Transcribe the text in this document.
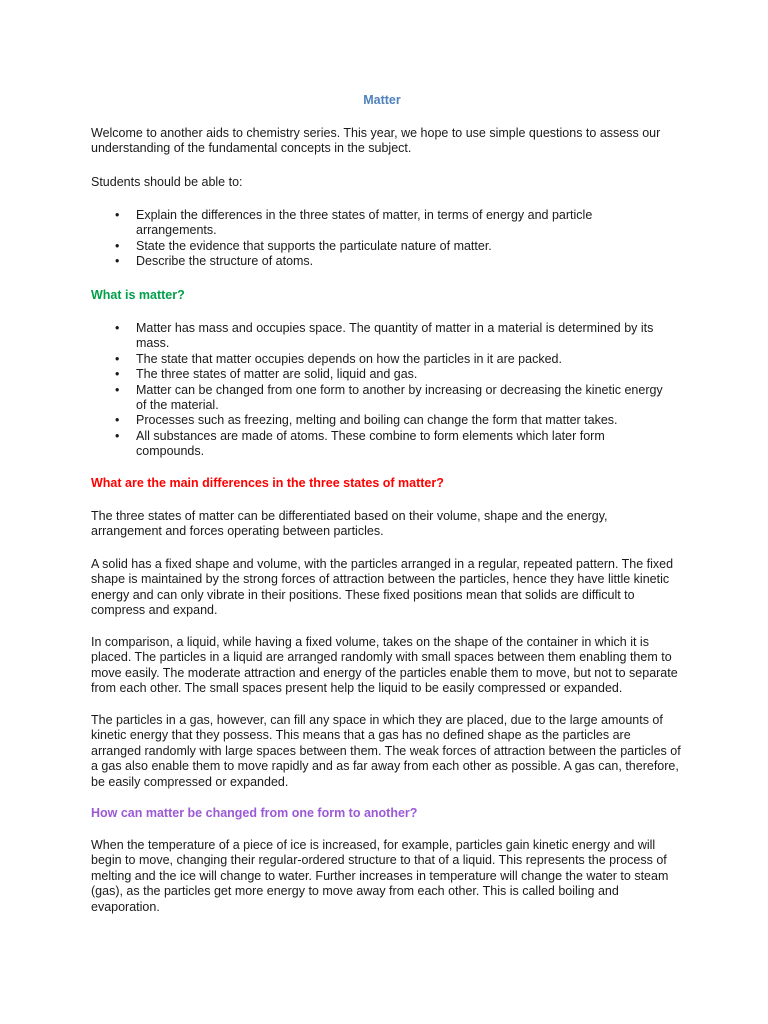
Matter

Welcome to another aids to chemistry series. This year, we hope to use simple questions to assess our understanding of the fundamental concepts in the subject.

Students should be able to:

• Explain the differences in the three states of matter, in terms of energy and particle arrangements.
• State the evidence that supports the particulate nature of matter.
• Describe the structure of atoms.

What is matter?

• Matter has mass and occupies space. The quantity of matter in a material is determined by its mass.
• The state that matter occupies depends on how the particles in it are packed.
• The three states of matter are solid, liquid and gas.
• Matter can be changed from one form to another by increasing or decreasing the kinetic energy of the material.
• Processes such as freezing, melting and boiling can change the form that matter takes.
• All substances are made of atoms. These combine to form elements which later form compounds.

What are the main differences in the three states of matter?

The three states of matter can be differentiated based on their volume, shape and the energy, arrangement and forces operating between particles.

A solid has a fixed shape and volume, with the particles arranged in a regular, repeated pattern. The fixed shape is maintained by the strong forces of attraction between the particles, hence they have little kinetic energy and can only vibrate in their positions. These fixed positions mean that solids are difficult to compress and expand.

In comparison, a liquid, while having a fixed volume, takes on the shape of the container in which it is placed. The particles in a liquid are arranged randomly with small spaces between them enabling them to move easily. The moderate attraction and energy of the particles enable them to move, but not to separate from each other. The small spaces present help the liquid to be easily compressed or expanded.

The particles in a gas, however, can fill any space in which they are placed, due to the large amounts of kinetic energy that they possess. This means that a gas has no defined shape as the particles are arranged randomly with large spaces between them. The weak forces of attraction between the particles of a gas also enable them to move rapidly and as far away from each other as possible. A gas can, therefore, be easily compressed or expanded.

How can matter be changed from one form to another?

When the temperature of a piece of ice is increased, for example, particles gain kinetic energy and will begin to move, changing their regular-ordered structure to that of a liquid. This represents the process of melting and the ice will change to water. Further increases in temperature will change the water to steam (gas), as the particles get more energy to move away from each other. This is called boiling and evaporation.
